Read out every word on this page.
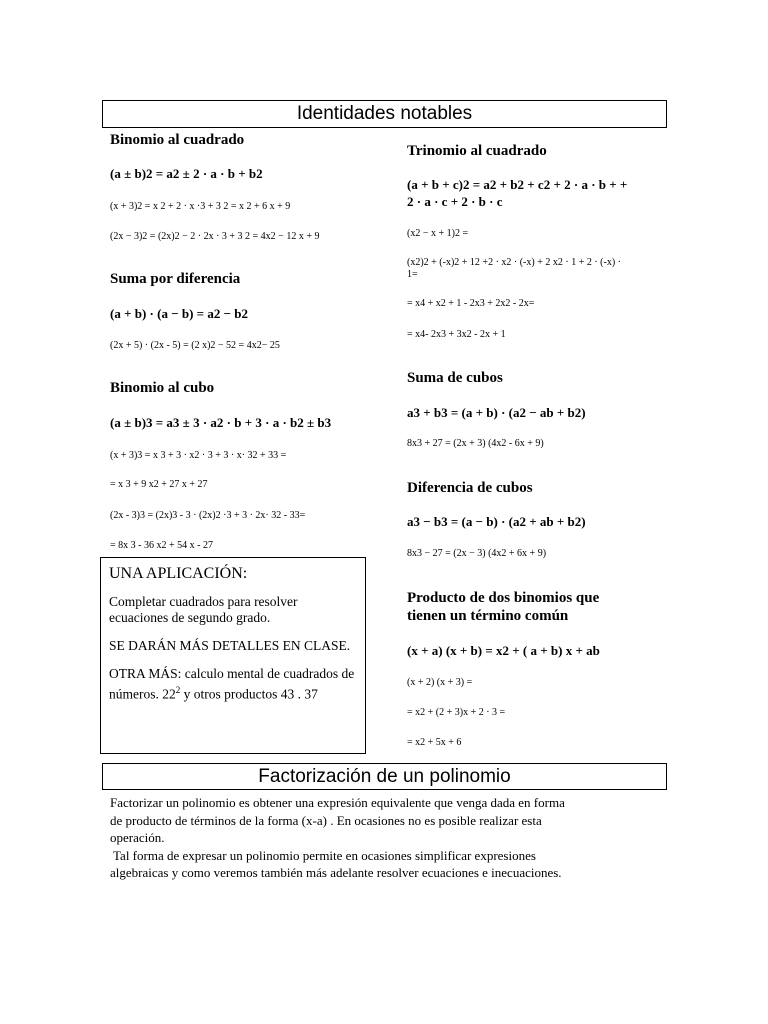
Identidades notables
Binomio al cuadrado
(a ± b)2 = a2 ± 2 · a · b + b2
(x + 3)2 = x 2 + 2 · x ·3 + 3 2 = x 2 + 6 x + 9
(2x − 3)2 = (2x)2 − 2 · 2x · 3 + 3 2 = 4x2 − 12 x + 9
Suma por diferencia
(a + b) · (a − b) = a2 − b2
(2x + 5) · (2x - 5) = (2 x)2 − 52 = 4x2− 25
Binomio al cubo
(a ± b)3 = a3 ± 3 · a2 · b + 3 · a · b2 ± b3
(x + 3)3 = x 3 + 3 · x2 · 3 + 3 · x· 32 + 33 =
= x 3 + 9 x2 + 27 x + 27
(2x - 3)3 = (2x)3 - 3 · (2x)2 ·3 + 3 · 2x· 32 - 33=
= 8x 3 - 36 x2 + 54 x - 27

UNA APLICACIÓN:

Completar cuadrados para resolver ecuaciones de segundo grado.

SE DARÁN MÁS DETALLES EN CLASE.

OTRA MÁS: calculo mental de cuadrados de números. $22^2$ y otros productos 43 . 37

Trinomio al cuadrado
(a + b + c)2 = a2 + b2 + c2 + 2 · a · b + +
2 · a · c + 2 · b · c
(x2 − x + 1)2 =
(x2)2 + (-x)2 + 12 +2 · x2 · (-x) + 2 x2 · 1 + 2 · (-x) ·
1=
= x4 + x2 + 1 - 2x3 + 2x2 - 2x=
= x4- 2x3 + 3x2 - 2x + 1
Suma de cubos
a3 + b3 = (a + b) · (a2 − ab + b2)
8x3 + 27 = (2x + 3) (4x2 - 6x + 9)
Diferencia de cubos
a3 − b3 = (a − b) · (a2 + ab + b2)
8x3 − 27 = (2x − 3) (4x2 + 6x + 9)
Producto de dos binomios que
tienen un término común
(x + a) (x + b) = x2 + ( a + b) x + ab
(x + 2) (x + 3) =
= x2 + (2 + 3)x + 2 · 3 =
= x2 + 5x + 6
Factorización de un polinomio

Factorizar un polinomio es obtener una expresión equivalente que venga dada en forma

de producto de términos de la forma (x-a) . En ocasiones no es posible realizar esta

operación.

Tal forma de expresar un polinomio permite en ocasiones simplificar expresiones

algebraicas y como veremos también más adelante resolver ecuaciones e inecuaciones.
